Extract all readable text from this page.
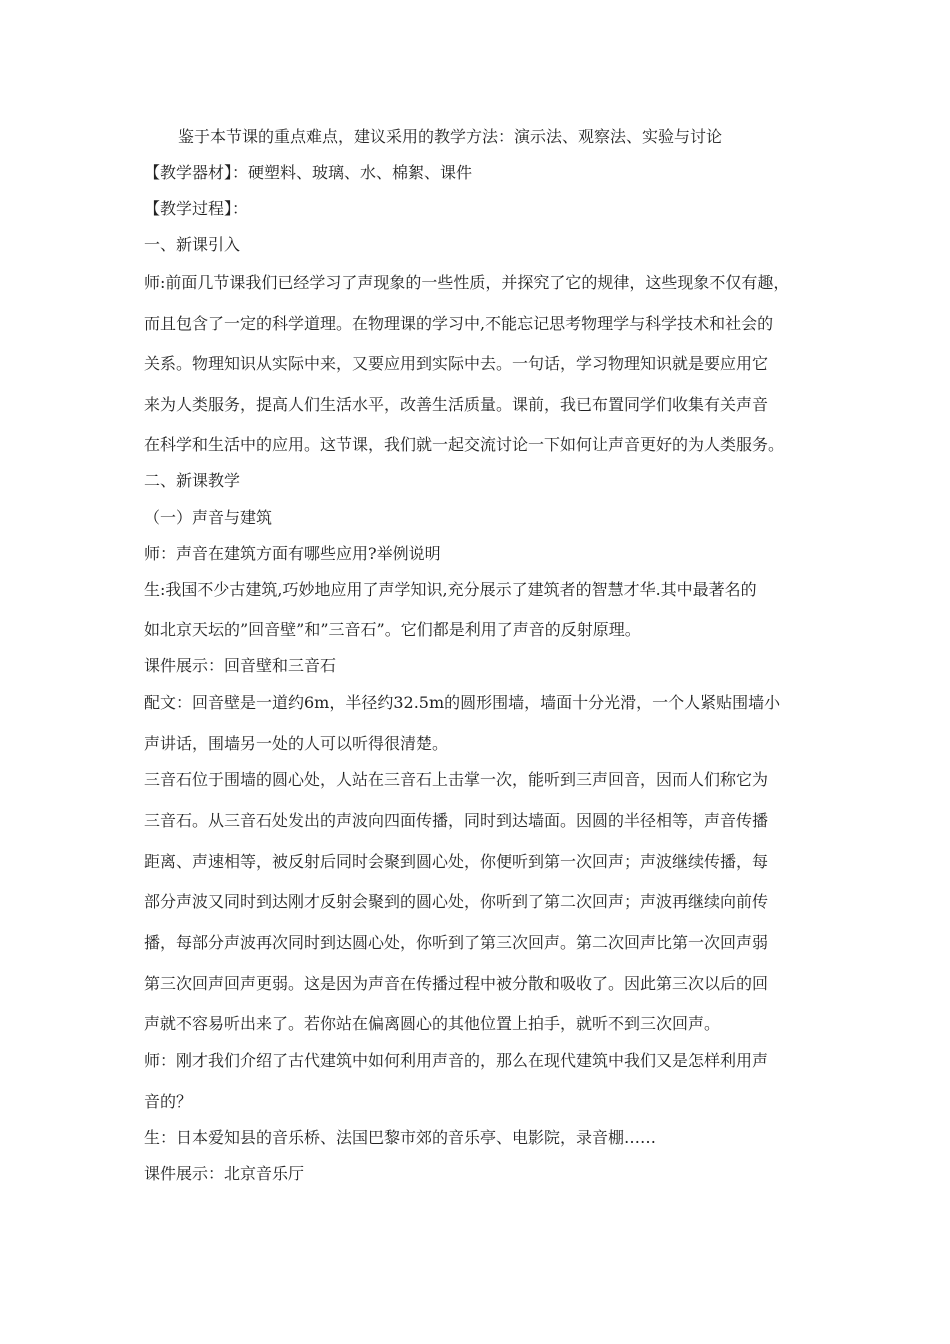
鉴于本节课的重点难点，建议采用的教学方法：演示法、观察法、实验与讨论

【教学器材】：硬塑料、玻璃、水、棉絮、课件

【教学过程】：

一、新课引入

师:前面几节课我们已经学习了声现象的一些性质，并探究了它的规律，这些现象不仅有趣，

而且包含了一定的科学道理。在物理课的学习中,不能忘记思考物理学与科学技术和社会的

关系。物理知识从实际中来，又要应用到实际中去。一句话，学习物理知识就是要应用它

来为人类服务，提高人们生活水平，改善生活质量。课前，我已布置同学们收集有关声音

在科学和生活中的应用。这节课，我们就一起交流讨论一下如何让声音更好的为人类服务。

二、新课教学

（一）声音与建筑

师：声音在建筑方面有哪些应用?举例说明

生:我国不少古建筑,巧妙地应用了声学知识,充分展示了建筑者的智慧才华.其中最著名的

如北京天坛的”回音壁”和”三音石”。它们都是利用了声音的反射原理。

课件展示：回音壁和三音石

配文：回音壁是一道约6m，半径约32.5m的圆形围墙，墙面十分光滑，一个人紧贴围墙小

声讲话，围墙另一处的人可以听得很清楚。

三音石位于围墙的圆心处，人站在三音石上击掌一次，能听到三声回音，因而人们称它为

三音石。从三音石处发出的声波向四面传播，同时到达墙面。因圆的半径相等，声音传播

距离、声速相等，被反射后同时会聚到圆心处，你便听到第一次回声；声波继续传播，每

部分声波又同时到达刚才反射会聚到的圆心处，你听到了第二次回声；声波再继续向前传

播，每部分声波再次同时到达圆心处，你听到了第三次回声。第二次回声比第一次回声弱

第三次回声回声更弱。这是因为声音在传播过程中被分散和吸收了。因此第三次以后的回

声就不容易听出来了。若你站在偏离圆心的其他位置上拍手，就听不到三次回声。

师：刚才我们介绍了古代建筑中如何利用声音的，那么在现代建筑中我们又是怎样利用声

音的？

生：日本爱知县的音乐桥、法国巴黎市郊的音乐亭、电影院，录音棚……

课件展示：北京音乐厅
